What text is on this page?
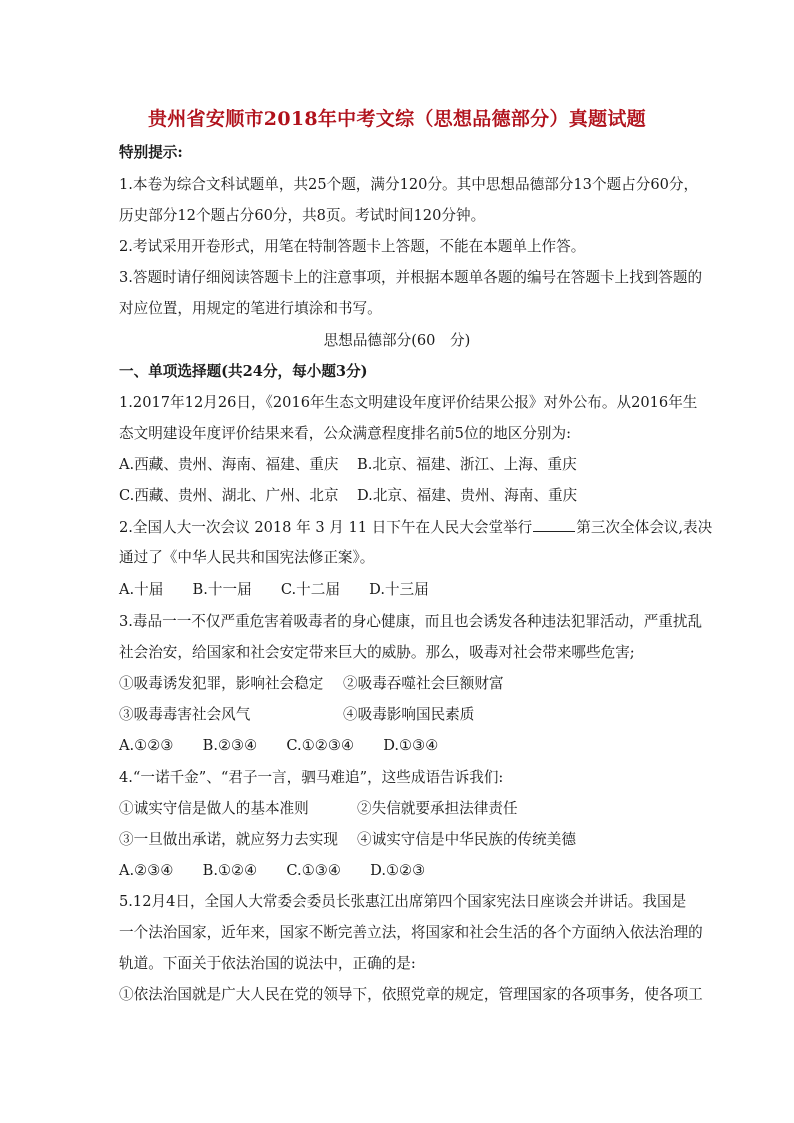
贵州省安顺市2018年中考文综（思想品德部分）真题试题
特别提示:
1.本卷为综合文科试题单，共25个题，满分120分。其中思想品德部分13个题占分60分，
历史部分12个题占分60分，共8页。考试时间120分钟。
2.考试采用开卷形式，用笔在特制答题卡上答题，不能在本题单上作答。
3.答题时请仔细阅读答题卡上的注意事项，并根据本题单各题的编号在答题卡上找到答题的
对应位置，用规定的笔进行填涂和书写。
思想品德部分(60　分)
一、单项选择题(共24分，每小题3分)
1.2017年12月26日，《2016年生态文明建设年度评价结果公报》对外公布。从2016年生
态文明建设年度评价结果来看，公众满意程度排名前5位的地区分别为:
A.西藏、贵州、海南、福建、重庆 B.北京、福建、浙江、上海、重庆
C.西藏、贵州、湖北、广州、北京 D.北京、福建、贵州、海南、重庆
2.全国人大一次会议 2018 年 3 月 11 日下午在人民大会堂举行	第三次全体会议,表决
通过了《中华人民共和国宪法修正案》。
A.十届　　B.十一届　　C.十二届　　D.十三届
3.毒品一一不仅严重危害着吸毒者的身心健康，而且也会诱发各种违法犯罪活动，严重扰乱
社会治安，给国家和社会安定带来巨大的威胁。那么，吸毒对社会带来哪些危害;
①吸毒诱发犯罪，影响社会稳定 ②吸毒吞噬社会巨额财富
③吸毒毒害社会风气	④吸毒影响国民素质
A.①②③　　B.②③④　　C.①②③④　　D.①③④
4.“一诺千金”、“君子一言，驷马难追”，这些成语告诉我们:
①诚实守信是做人的基本准则	②失信就要承担法律责任
③一旦做出承诺，就应努力去实现 ④诚实守信是中华民族的传统美德
A.②③④　　B.①②④　　C.①③④　　D.①②③
5.12月4日，全国人大常委会委员长张惠江出席第四个国家宪法日座谈会并讲话。我国是
一个法治国家，近年来，国家不断完善立法，将国家和社会生活的各个方面纳入依法治理的
轨道。下面关于依法治国的说法中，正确的是:
①依法治国就是广大人民在党的领导下，依照党章的规定，管理国家的各项事务，使各项工
